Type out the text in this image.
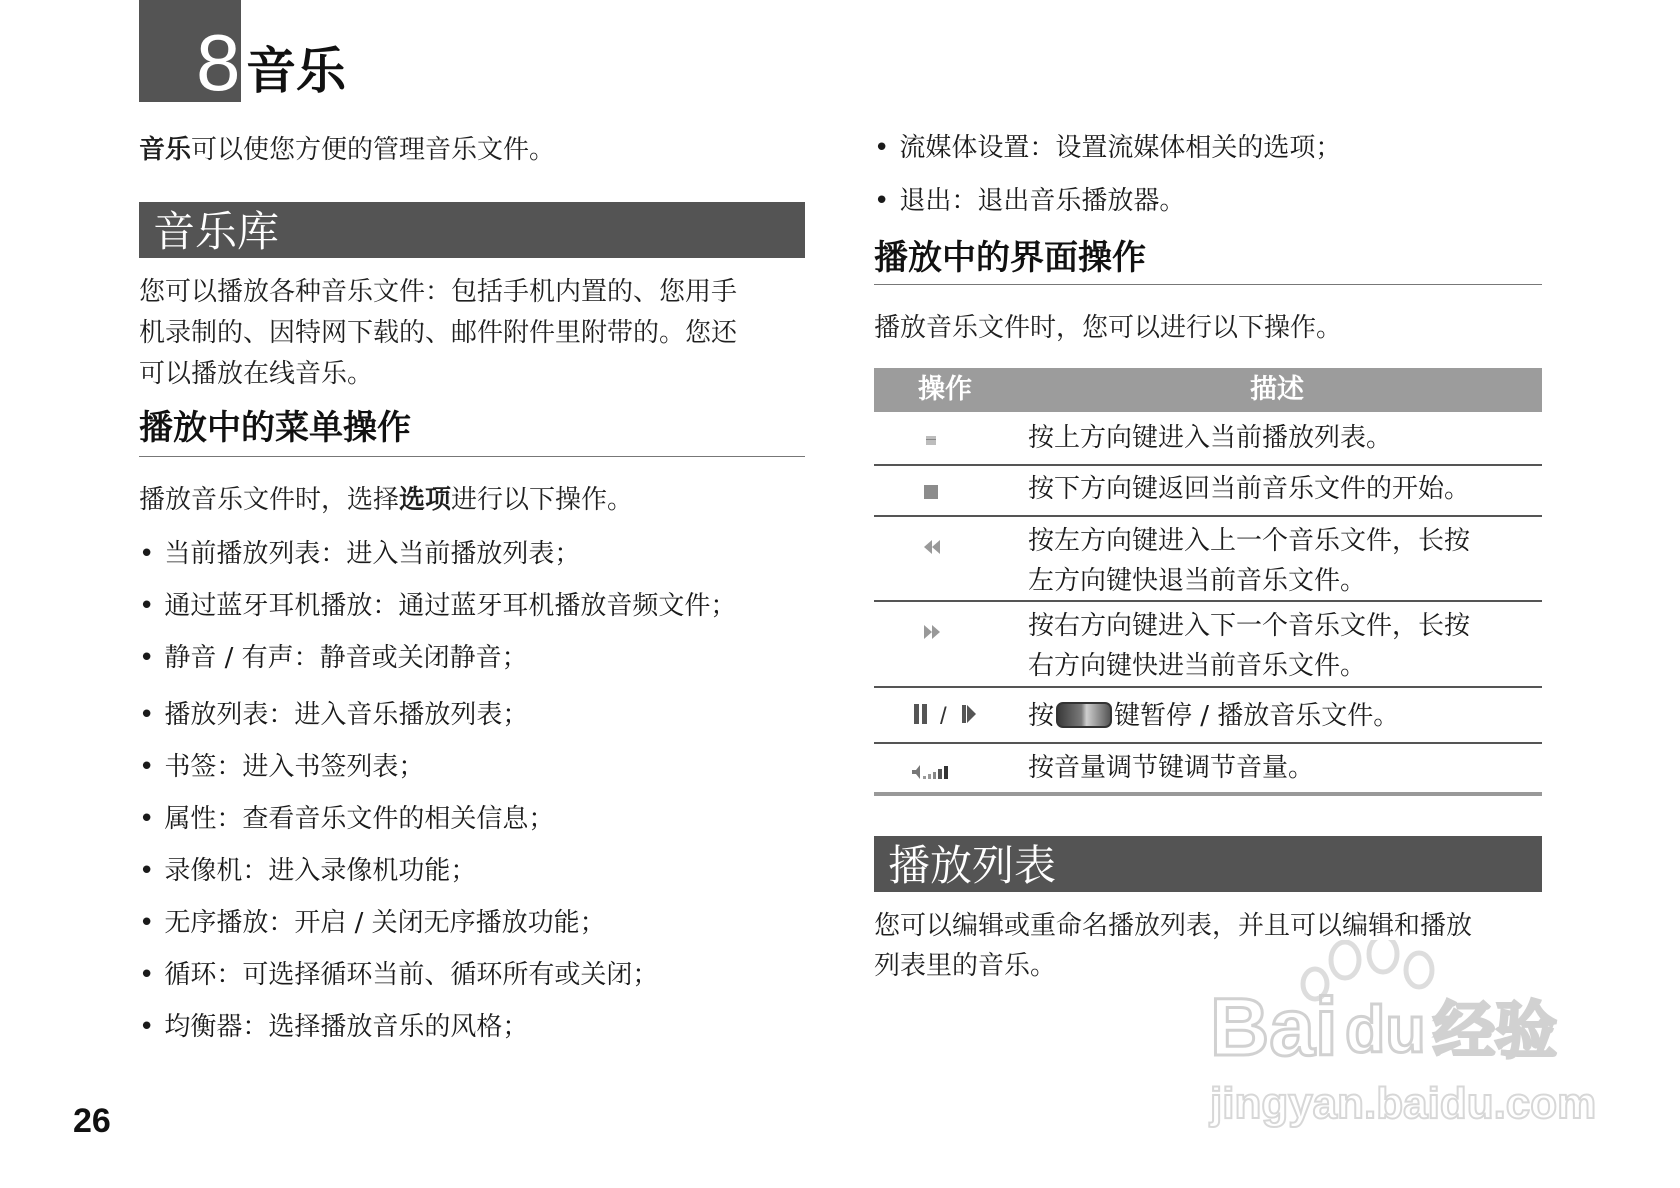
8 音乐
音乐可以使您方便的管理音乐文件。
音乐库
您可以播放各种音乐文件：包括手机内置的、您用手
机录制的、因特网下载的、邮件附件里附带的。您还
可以播放在线音乐。
播放中的菜单操作
播放音乐文件时，选择选项进行以下操作。
• 当前播放列表：进入当前播放列表；
• 通过蓝牙耳机播放：通过蓝牙耳机播放音频文件；
• 静音 / 有声：静音或关闭静音；
• 播放列表：进入音乐播放列表；
• 书签：进入书签列表；
• 属性：查看音乐文件的相关信息；
• 录像机：进入录像机功能；
• 无序播放：开启 / 关闭无序播放功能；
• 循环：可选择循环当前、循环所有或关闭；
• 均衡器：选择播放音乐的风格；
• 流媒体设置：设置流媒体相关的选项；
• 退出：退出音乐播放器。
播放中的界面操作
播放音乐文件时，您可以进行以下操作。
操作	描述
按上方向键进入当前播放列表。
按下方向键返回当前音乐文件的开始。
按左方向键进入上一个音乐文件，长按
左方向键快退当前音乐文件。
按右方向键进入下一个音乐文件，长按
右方向键快进当前音乐文件。
/	按 键暂停 / 播放音乐文件。
按音量调节键调节音量。
播放列表
您可以编辑或重命名播放列表，并且可以编辑和播放
列表里的音乐。
26
Bai du 经验
jingyan.baidu.com
